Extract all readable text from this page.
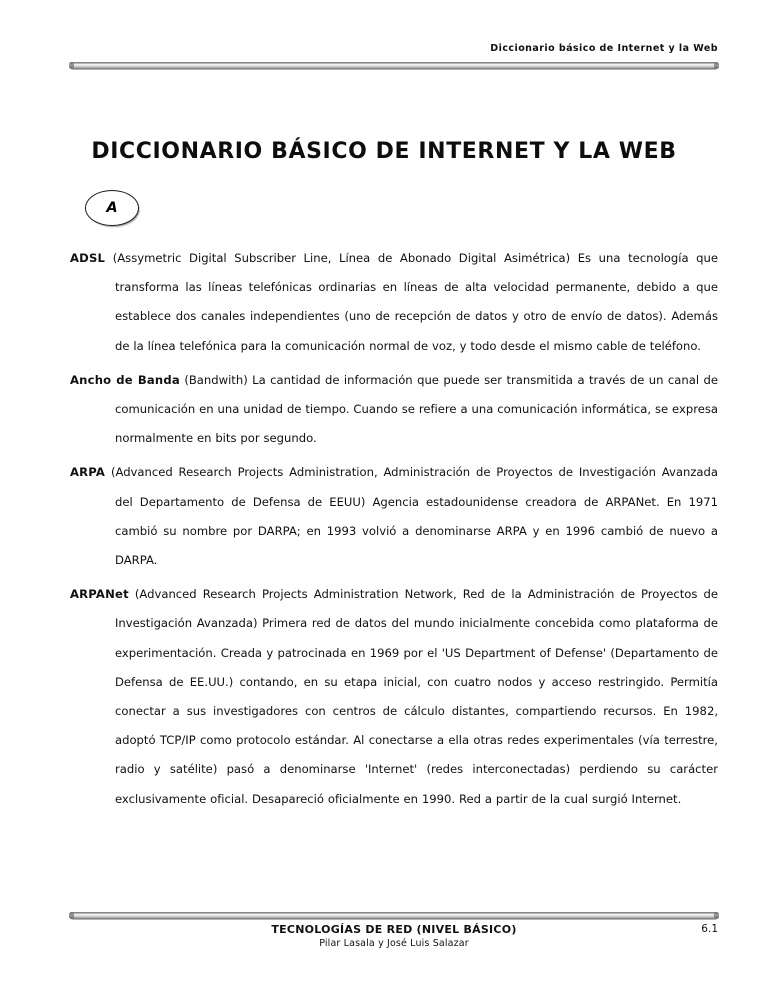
Diccionario básico de Internet y la Web
DICCIONARIO BÁSICO DE INTERNET Y LA WEB
A

ADSL (Assymetric Digital Subscriber Line, Línea de Abonado Digital Asimétrica) Es una tecnología que transforma las líneas telefónicas ordinarias en líneas de alta velocidad permanente, debido a que establece dos canales independientes (uno de recepción de datos y otro de envío de datos). Además de la línea telefónica para la comunicación normal de voz, y todo desde el mismo cable de teléfono.

Ancho de Banda (Bandwith) La cantidad de información que puede ser transmitida a través de un canal de comunicación en una unidad de tiempo. Cuando se refiere a una comunicación informática, se expresa normalmente en bits por segundo.

ARPA (Advanced Research Projects Administration, Administración de Proyectos de Investigación Avanzada del Departamento de Defensa de EEUU) Agencia estadounidense creadora de ARPANet. En 1971 cambió su nombre por DARPA; en 1993 volvió a denominarse ARPA y en 1996 cambió de nuevo a DARPA.

ARPANet (Advanced Research Projects Administration Network, Red de la Administración de Proyectos de Investigación Avanzada) Primera red de datos del mundo inicialmente concebida como plataforma de experimentación. Creada y patrocinada en 1969 por el 'US Department of Defense' (Departamento de Defensa de EE.UU.) contando, en su etapa inicial, con cuatro nodos y acceso restringido. Permitía conectar a sus investigadores con centros de cálculo distantes, compartiendo recursos. En 1982, adoptó TCP/IP como protocolo estándar. Al conectarse a ella otras redes experimentales (vía terrestre, radio y satélite) pasó a denominarse 'Internet' (redes interconectadas) perdiendo su carácter exclusivamente oficial. Desapareció oficialmente en 1990. Red a partir de la cual surgió Internet.

TECNOLOGÍAS DE RED (NIVEL BÁSICO)
Pilar Lasala y José Luis Salazar
6.1
